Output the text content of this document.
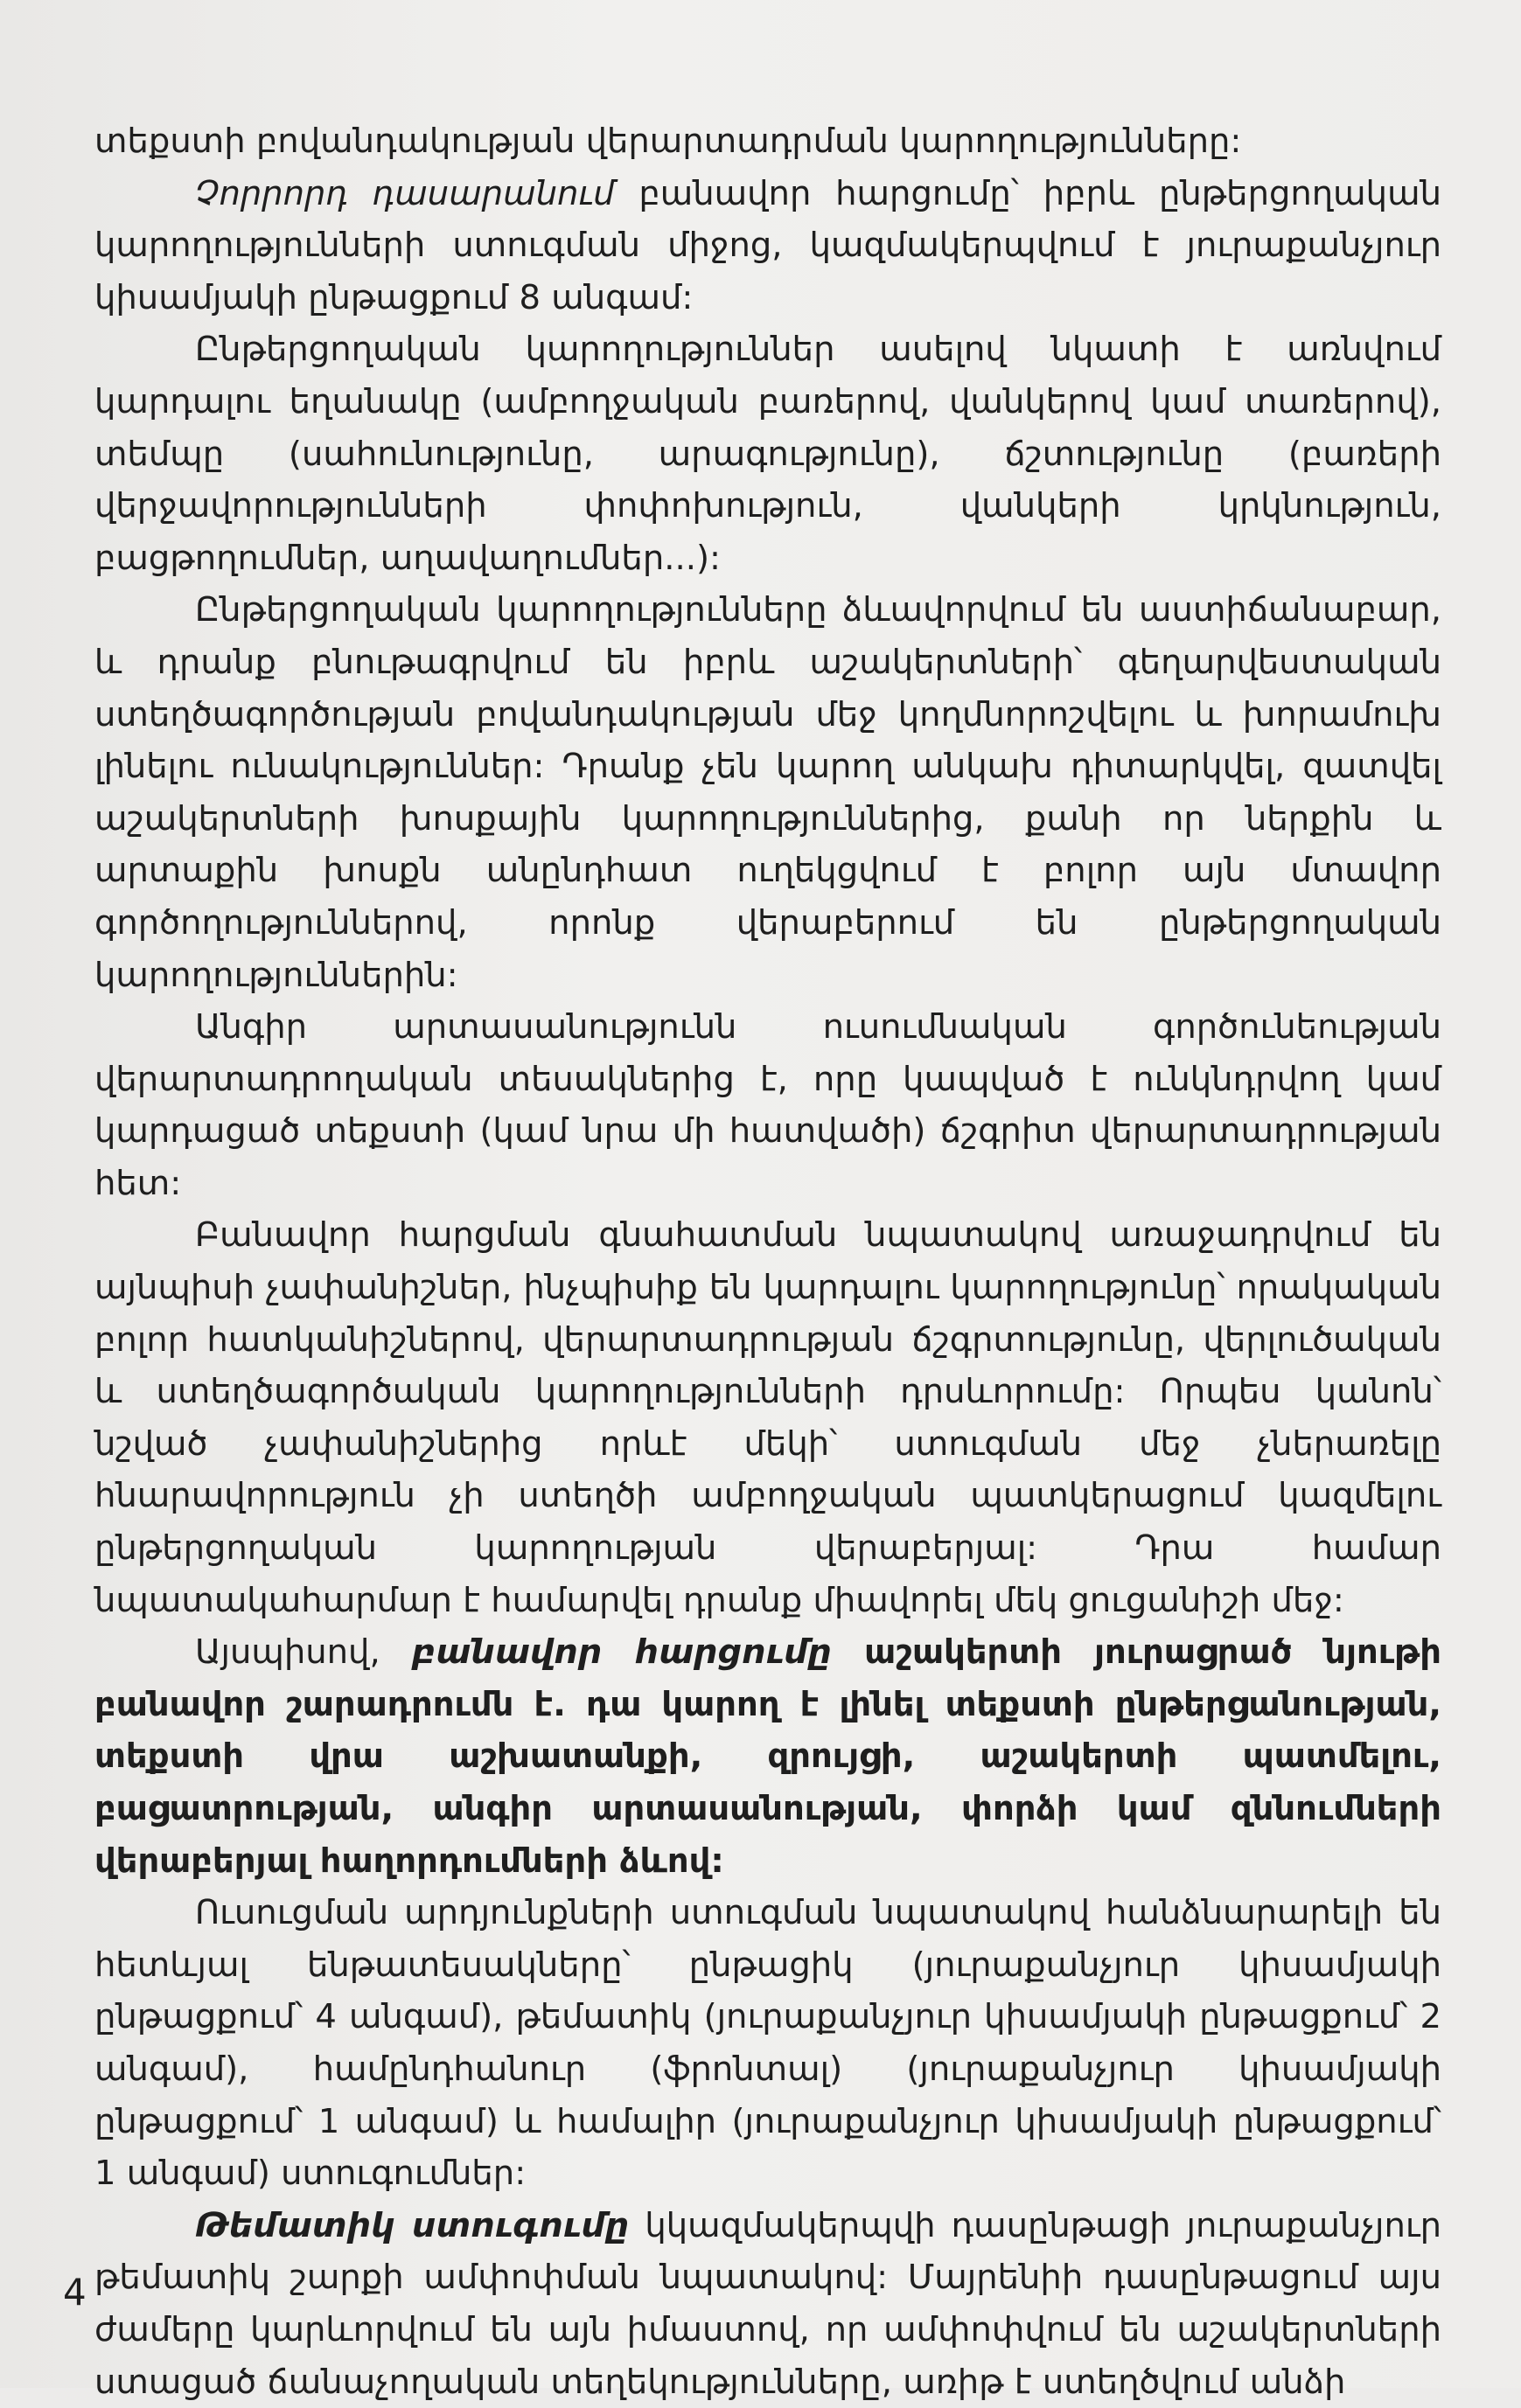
տեքստի բովանդակության վերարտադրման կարողությունները:

Չորրորդ դասարանում բանավոր հարցումը՝ իբրև ընթերցողական կարողությունների ստուգման միջոց, կազմակերպվում է յուրաքանչյուր կիսամյակի ընթացքում 8 անգամ:

Ընթերցողական կարողություններ ասելով նկատի է առնվում կարդալու եղանակը (ամբողջական բառերով, վանկերով կամ տառերով), տեմպը (սահունությունը, արագությունը), ճշտությունը (բառերի վերջավորությունների փոփոխություն, վանկերի կրկնություն, բացթողումներ, աղավաղումներ...):

Ընթերցողական կարողությունները ձևավորվում են աստիճանաբար, և դրանք բնութագրվում են իբրև աշակերտների՝ գեղարվեստական ստեղծագործության բովանդակության մեջ կողմնորոշվելու և խորամուխ լինելու ունակություններ: Դրանք չեն կարող անկախ դիտարկվել, զատվել աշակերտների խոսքային կարողություններից, քանի որ ներքին և արտաքին խոսքն անընդհատ ուղեկցվում է բոլոր այն մտավոր գործողություններով, որոնք վերաբերում են ընթերցողական կարողություններին:

Անգիր արտասանությունն ուսումնական գործունեության վերարտադրողական տեսակներից է, որը կապված է ունկնդրվող կամ կարդացած տեքստի (կամ նրա մի հատվածի) ճշգրիտ վերարտադրության հետ:

Բանավոր հարցման գնահատման նպատակով առաջադրվում են այնպիսի չափանիշներ, ինչպիսիք են կարդալու կարողությունը՝ որակական բոլոր հատկանիշներով, վերարտադրության ճշգրտությունը, վերլուծական և ստեղծագործական կարողությունների դրսևորումը: Որպես կանոն՝ նշված չափանիշներից որևէ մեկի՝ ստուգման մեջ չներառելը հնարավորություն չի ստեղծի ամբողջական պատկերացում կազմելու ընթերցողական կարողության վերաբերյալ: Դրա համար նպատակահարմար է համարվել դրանք միավորել մեկ ցուցանիշի մեջ:

Այսպիսով, բանավոր հարցումը աշակերտի յուրացրած նյութի բանավոր շարադրումն է. դա կարող է լինել տեքստի ընթերցանության, տեքստի վրա աշխատանքի, զրույցի, աշակերտի պատմելու, բացատրության, անգիր արտասանության, փորձի կամ զննումների վերաբերյալ հաղորդումների ձևով:

Ուսուցման արդյունքների ստուգման նպատակով հանձնարարելի են հետևյալ ենթատեսակները՝ ընթացիկ (յուրաքանչյուր կիսամյակի ընթացքում՝ 4 անգամ), թեմատիկ (յուրաքանչյուր կիսամյակի ընթացքում՝ 2 անգամ), համընդհանուր (ֆրոնտալ) (յուրաքանչյուր կիսամյակի ընթացքում՝ 1 անգամ) և համալիր (յուրաքանչյուր կիսամյակի ընթացքում՝ 1 անգամ) ստուգումներ:

Թեմատիկ ստուգումը կկազմակերպվի դասընթացի յուրաքանչյուր թեմատիկ շարքի ամփոփման նպատակով: Մայրենիի դասընթացում այս ժամերը կարևորվում են այն իմաստով, որ ամփոփվում են աշակերտների ստացած ճանաչողական տեղեկությունները, առիթ է ստեղծվում անձի

4
